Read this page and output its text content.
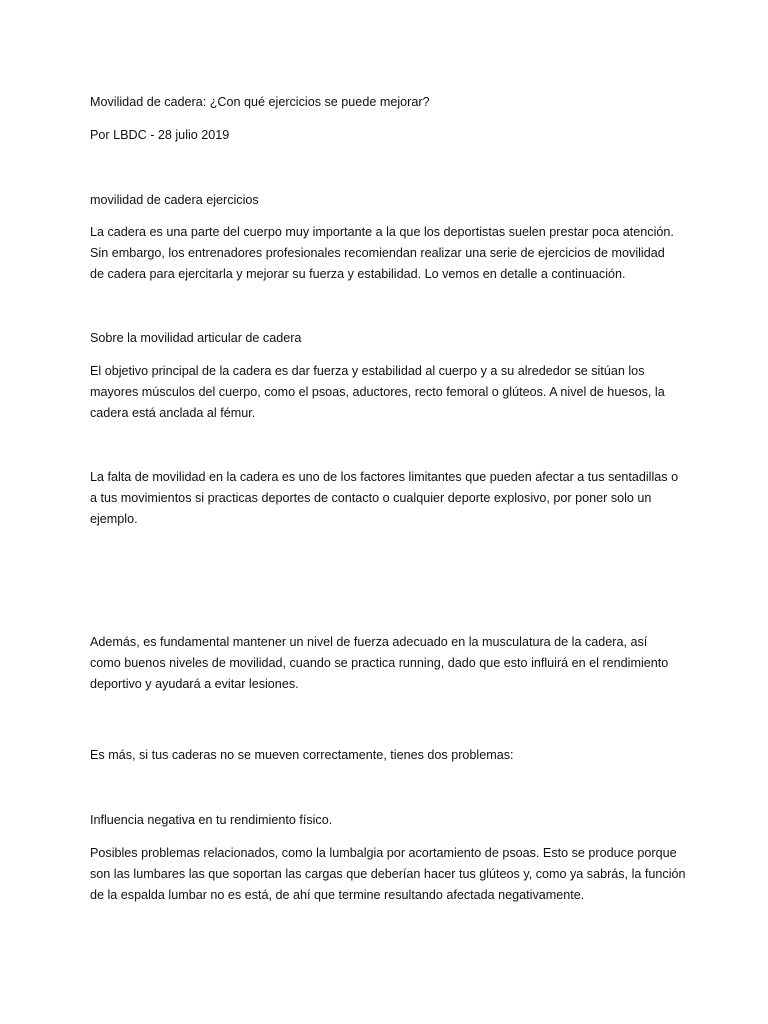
Movilidad de cadera: ¿Con qué ejercicios se puede mejorar?

Por LBDC - 28 julio 2019

movilidad de cadera ejercicios

La cadera es una parte del cuerpo muy importante a la que los deportistas suelen prestar poca atención.
Sin embargo, los entrenadores profesionales recomiendan realizar una serie de ejercicios de movilidad
de cadera para ejercitarla y mejorar su fuerza y estabilidad. Lo vemos en detalle a continuación.

Sobre la movilidad articular de cadera

El objetivo principal de la cadera es dar fuerza y estabilidad al cuerpo y a su alrededor se sitúan los
mayores músculos del cuerpo, como el psoas, aductores, recto femoral o glúteos. A nivel de huesos, la
cadera está anclada al fémur.

La falta de movilidad en la cadera es uno de los factores limitantes que pueden afectar a tus sentadillas o
a tus movimientos si practicas deportes de contacto o cualquier deporte explosivo, por poner solo un
ejemplo.

Además, es fundamental mantener un nivel de fuerza adecuado en la musculatura de la cadera, así
como buenos niveles de movilidad, cuando se practica running, dado que esto influirá en el rendimiento
deportivo y ayudará a evitar lesiones.

Es más, si tus caderas no se mueven correctamente, tienes dos problemas:

Influencia negativa en tu rendimiento físico.

Posibles problemas relacionados, como la lumbalgia por acortamiento de psoas. Esto se produce porque
son las lumbares las que soportan las cargas que deberían hacer tus glúteos y, como ya sabrás, la función
de la espalda lumbar no es está, de ahí que termine resultando afectada negativamente.
